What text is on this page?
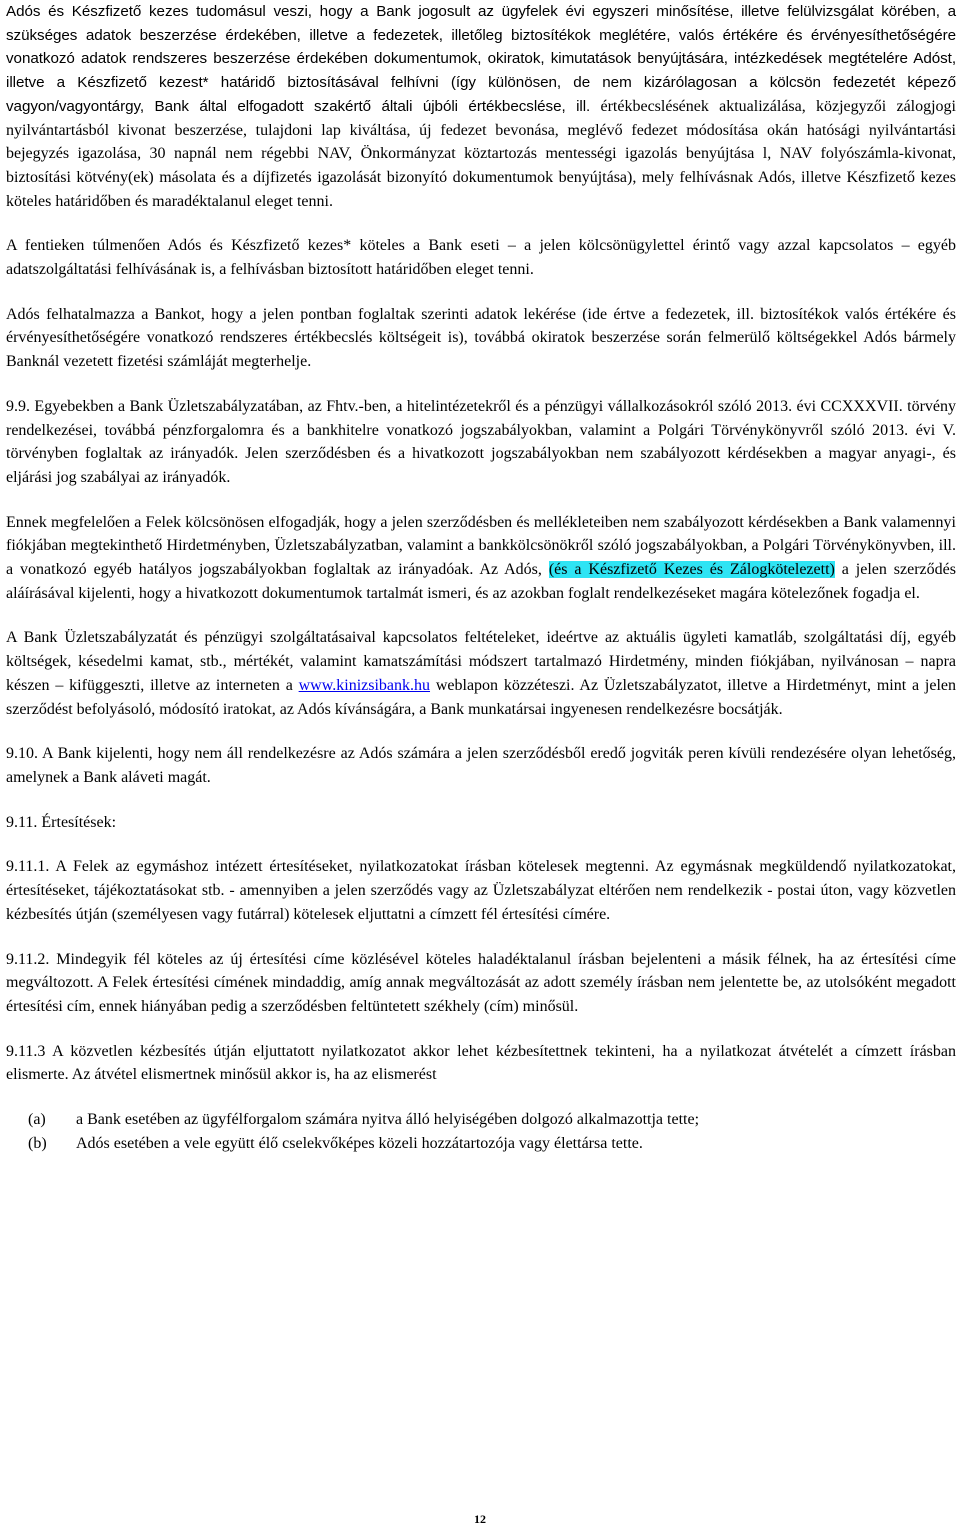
Adós és Készfizető kezes tudomásul veszi, hogy a Bank jogosult az ügyfelek évi egyszeri minősítése, illetve felülvizsgálat körében, a szükséges adatok beszerzése érdekében, illetve a fedezetek, illetőleg biztosítékok meglétére, valós értékére és érvényesíthetőségére vonatkozó adatok rendszeres beszerzése érdekében dokumentumok, okiratok, kimutatások benyújtására, intézkedések megtételére Adóst, illetve a Készfizető kezest* határidő biztosításával felhívni (így különösen, de nem kizárólagosan a kölcsön fedezetét képező vagyon/vagyontárgy, Bank által elfogadott szakértő általi újbóli értékbecslése, ill. értékbecslésének aktualizálása, közjegyzői zálogjogi nyilvántartásból kivonat beszerzése, tulajdoni lap kiváltása, új fedezet bevonása, meglévő fedezet módosítása okán hatósági nyilvántartási bejegyzés igazolása, 30 napnál nem régebbi NAV, Önkormányzat köztartozás mentességi igazolás benyújtása l, NAV folyószámla-kivonat, biztosítási kötvény(ek) másolata és a díjfizetés igazolását bizonyító dokumentumok benyújtása), mely felhívásnak Adós, illetve Készfizető kezes köteles határidőben és maradéktalanul eleget tenni.

A fentieken túlmenően Adós és Készfizető kezes* köteles a Bank eseti – a jelen kölcsönügylettel érintő vagy azzal kapcsolatos – egyéb adatszolgáltatási felhívásának is, a felhívásban biztosított határidőben eleget tenni.

Adós felhatalmazza a Bankot, hogy a jelen pontban foglaltak szerinti adatok lekérése (ide értve a fedezetek, ill. biztosítékok valós értékére és érvényesíthetőségére vonatkozó rendszeres értékbecslés költségeit is), továbbá okiratok beszerzése során felmerülő költségekkel Adós bármely Banknál vezetett fizetési számláját megterhelje.

9.9. Egyebekben a Bank Üzletszabályzatában, az Fhtv.-ben, a hitelintézetekről és a pénzügyi vállalkozásokról szóló 2013. évi CCXXXVII. törvény rendelkezései, továbbá pénzforgalomra és a bankhitelre vonatkozó jogszabályokban, valamint a Polgári Törvénykönyvről szóló 2013. évi V. törvényben foglaltak az irányadók. Jelen szerződésben és a hivatkozott jogszabályokban nem szabályozott kérdésekben a magyar anyagi-, és eljárási jog szabályai az irányadók.

Ennek megfelelően a Felek kölcsönösen elfogadják, hogy a jelen szerződésben és mellékleteiben nem szabályozott kérdésekben a Bank valamennyi fiókjában megtekinthető Hirdetményben, Üzletszabályzatban, valamint a bankkölcsönökről szóló jogszabályokban, a Polgári Törvénykönyvben, ill. a vonatkozó egyéb hatályos jogszabályokban foglaltak az irányadóak. Az Adós, (és a Készfizető Kezes és Zálogkötelezett) a jelen szerződés aláírásával kijelenti, hogy a hivatkozott dokumentumok tartalmát ismeri, és az azokban foglalt rendelkezéseket magára kötelezőnek fogadja el.

A Bank Üzletszabályzatát és pénzügyi szolgáltatásaival kapcsolatos feltételeket, ideértve az aktuális ügyleti kamatláb, szolgáltatási díj, egyéb költségek, késedelmi kamat, stb., mértékét, valamint kamatszámítási módszert tartalmazó Hirdetmény, minden fiókjában, nyilvánosan – napra készen – kifüggeszti, illetve az interneten a www.kinizsibank.hu weblapon közzéteszi. Az Üzletszabályzatot, illetve a Hirdetményt, mint a jelen szerződést befolyásoló, módosító iratokat, az Adós kívánságára, a Bank munkatársai ingyenesen rendelkezésre bocsátják.

9.10. A Bank kijelenti, hogy nem áll rendelkezésre az Adós számára a jelen szerződésből eredő jogviták peren kívüli rendezésére olyan lehetőség, amelynek a Bank aláveti magát.

9.11. Értesítések:

9.11.1. A Felek az egymáshoz intézett értesítéseket, nyilatkozatokat írásban kötelesek megtenni. Az egymásnak megküldendő nyilatkozatokat, értesítéseket, tájékoztatásokat stb. - amennyiben a jelen szerződés vagy az Üzletszabályzat eltérően nem rendelkezik - postai úton, vagy közvetlen kézbesítés útján (személyesen vagy futárral) kötelesek eljuttatni a címzett fél értesítési címére.

9.11.2. Mindegyik fél köteles az új értesítési címe közlésével köteles haladéktalanul írásban bejelenteni a másik félnek, ha az értesítési címe megváltozott. A Felek értesítési címének mindaddig, amíg annak megváltozását az adott személy írásban nem jelentette be, az utolsóként megadott értesítési cím, ennek hiányában pedig a szerződésben feltüntetett székhely (cím) minősül.

9.11.3 A közvetlen kézbesítés útján eljuttatott nyilatkozatot akkor lehet kézbesítettnek tekinteni, ha a nyilatkozat átvételét a címzett írásban elismerte. Az átvétel elismertnek minősül akkor is, ha az elismerést

(a)	a Bank esetében az ügyfélforgalom számára nyitva álló helyiségében dolgozó alkalmazottja tette;
(b)	Adós esetében a vele együtt élő cselekvőképes közeli hozzátartozója vagy élettársa tette.
12
